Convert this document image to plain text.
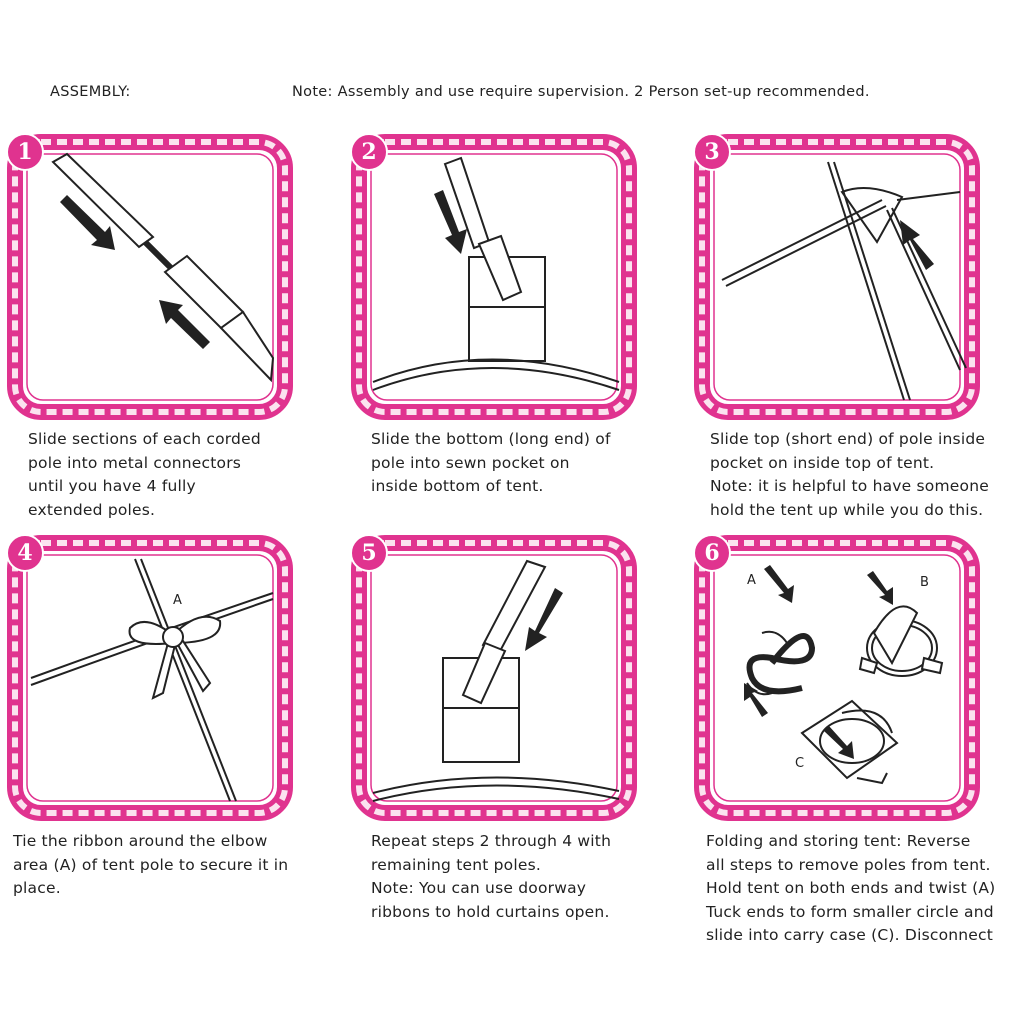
ASSEMBLY:	Note: Assembly and use require supervision. 2 Person set-up recommended.
1
Slide sections of each corded
pole into metal connectors
until you have 4 fully
extended poles.
2
Slide the bottom (long end) of
pole into sewn pocket on
inside bottom of tent.
3
Slide top (short end) of pole inside
pocket on inside top of tent.
Note: it is helpful to have someone
hold the tent up while you do this.
A
4
Tie the ribbon around the elbow
area (A) of tent pole to secure it in
place.
5
Repeat steps 2 through 4 with
remaining tent poles.
Note: You can use doorway
ribbons to hold curtains open.
A	B
C
6
Folding and storing tent: Reverse
all steps to remove poles from tent.
Hold tent on both ends and twist (A)
Tuck ends to form smaller circle and
slide into carry case (C). Disconnect
